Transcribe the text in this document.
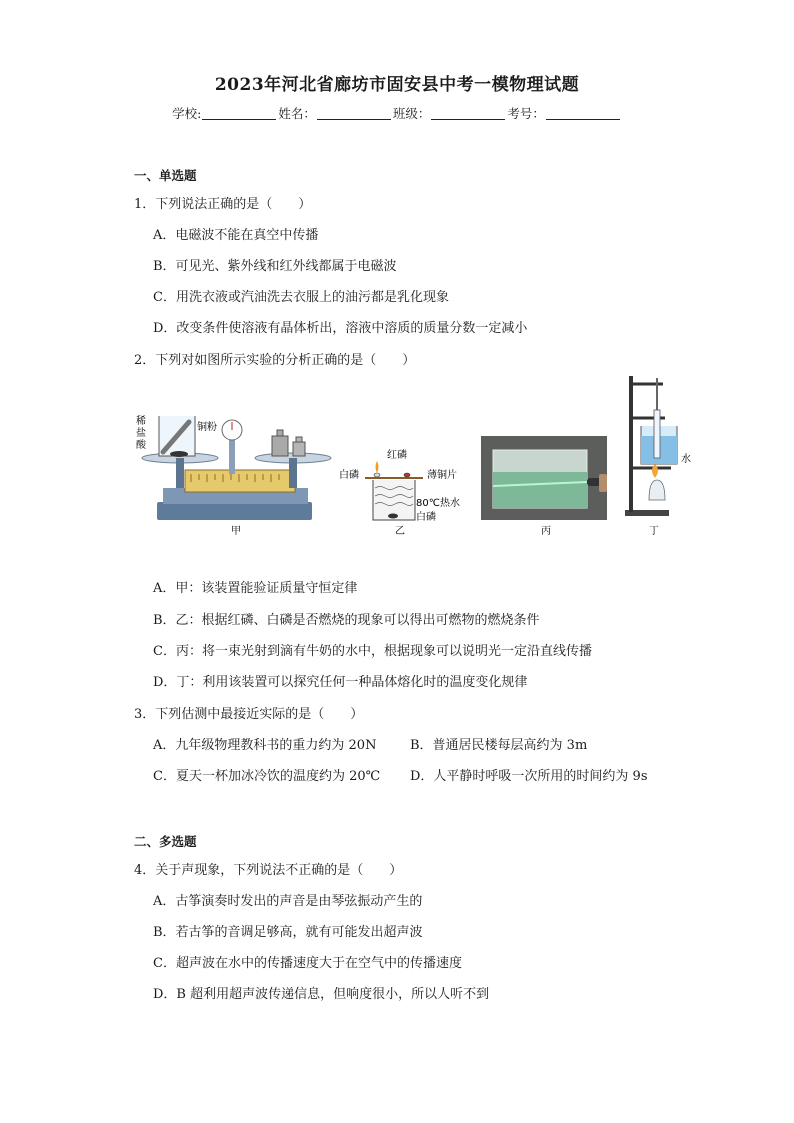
2023年河北省廊坊市固安县中考一模物理试题
学校:	姓名：	班级：	考号：
一、单选题
1．下列说法正确的是（　　）
A．电磁波不能在真空中传播
B．可见光、紫外线和红外线都属于电磁波
C．用洗衣液或汽油洗去衣服上的油污都是乳化现象
D．改变条件使溶液有晶体析出，溶液中溶质的质量分数一定减小
2．下列对如图所示实验的分析正确的是（　　）
稀
盐
酸
铜粉
甲
红磷
白磷	薄铜片
80℃热水
白磷
乙	丙
水
丁
A．甲：该装置能验证质量守恒定律
B．乙：根据红磷、白磷是否燃烧的现象可以得出可燃物的燃烧条件
C．丙：将一束光射到滴有牛奶的水中，根据现象可以说明光一定沿直线传播
D．丁：利用该装置可以探究任何一种晶体熔化时的温度变化规律
3．下列估测中最接近实际的是（　　）
A．九年级物理教科书的重力约为 20N	B．普通居民楼每层高约为 3m
C．夏天一杯加冰冷饮的温度约为 20℃ D．人平静时呼吸一次所用的时间约为 9s
二、多选题
4．关于声现象，下列说法不正确的是（　　）
A．古筝演奏时发出的声音是由琴弦振动产生的
B．若古筝的音调足够高，就有可能发出超声波
C．超声波在水中的传播速度大于在空气中的传播速度
D．B 超利用超声波传递信息，但响度很小，所以人听不到
